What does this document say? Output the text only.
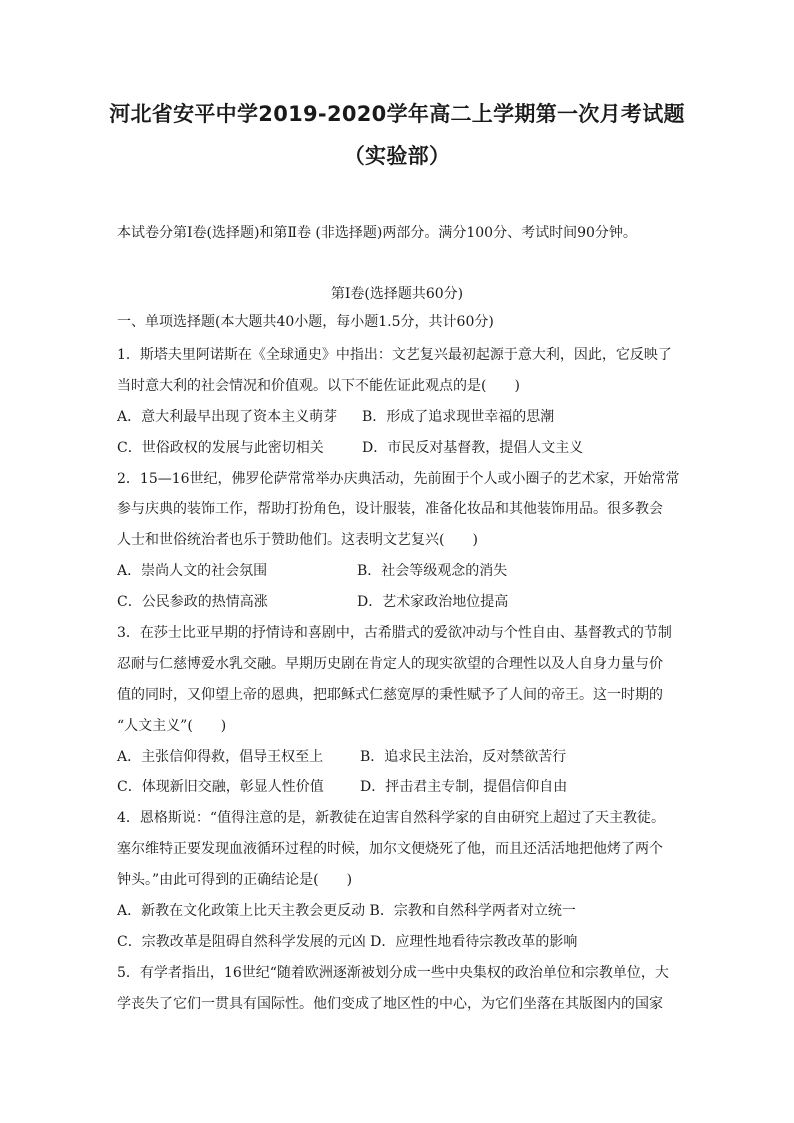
河北省安平中学2019-2020学年高二上学期第一次月考试题
（实验部）
本试卷分第Ⅰ卷(选择题)和第Ⅱ卷 (非选择题)两部分。满分100分、考试时间90分钟。
第Ⅰ卷(选择题共60分)
一、单项选择题(本大题共40小题，每小题1.5分，共计60分)
1．斯塔夫里阿诺斯在《全球通史》中指出：文艺复兴最初起源于意大利，因此，它反映了
当时意大利的社会情况和价值观。以下不能佐证此观点的是(　　)
A．意大利最早出现了资本主义萌芽 B．形成了追求现世幸福的思潮
C．世俗政权的发展与此密切相关	D．市民反对基督教，提倡人文主义
2．15—16世纪，佛罗伦萨常常举办庆典活动，先前囿于个人或小圈子的艺术家，开始常常
参与庆典的装饰工作，帮助打扮角色，设计服装，准备化妆品和其他装饰用品。很多教会
人士和世俗统治者也乐于赞助他们。这表明文艺复兴(　　)
A．崇尚人文的社会氛围	B．社会等级观念的消失
C．公民参政的热情高涨	D．艺术家政治地位提高
3．在莎士比亚早期的抒情诗和喜剧中，古希腊式的爱欲冲动与个性自由、基督教式的节制
忍耐与仁慈博爱水乳交融。早期历史剧在肯定人的现实欲望的合理性以及人自身力量与价
值的同时，又仰望上帝的恩典，把耶稣式仁慈宽厚的秉性赋予了人间的帝王。这一时期的
“人文主义”(　　)
A．主张信仰得救，倡导王权至上	B．追求民主法治，反对禁欲苦行
C．体现新旧交融，彰显人性价值	D．抨击君主专制，提倡信仰自由
4．恩格斯说：“值得注意的是，新教徒在迫害自然科学家的自由研究上超过了天主教徒。
塞尔维特正要发现血液循环过程的时候，加尔文便烧死了他，而且还活活地把他烤了两个
钟头。”由此可得到的正确结论是(　　)
A．新教在文化政策上比天主教会更反动 B．宗教和自然科学两者对立统一
C．宗教改革是阻碍自然科学发展的元凶 D．应理性地看待宗教改革的影响
5．有学者指出，16世纪“随着欧洲逐渐被划分成一些中央集权的政治单位和宗教单位，大
学丧失了它们一贯具有国际性。他们变成了地区性的中心，为它们坐落在其版图内的国家
